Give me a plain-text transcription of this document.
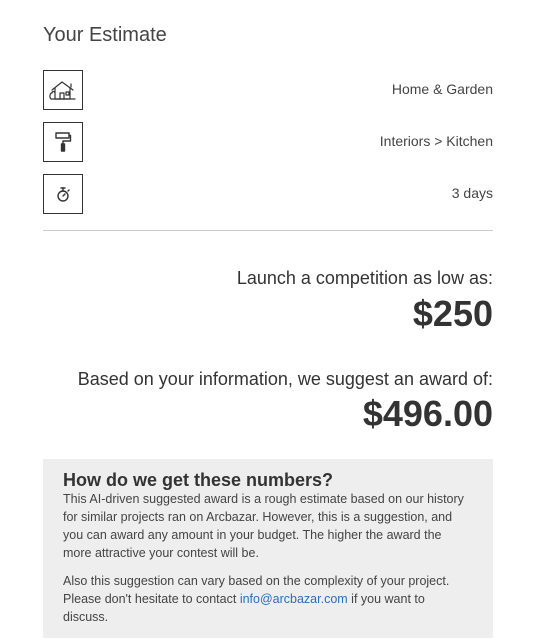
Your Estimate
Home & Garden
Interiors > Kitchen
3 days
Launch a competition as low as:
$250
Based on your information, we suggest an award of:
$496.00
How do we get these numbers?

This AI-driven suggested award is a rough estimate based on our history for similar projects ran on Arcbazar. However, this is a suggestion, and you can award any amount in your budget. The higher the award the more attractive your contest will be.

Also this suggestion can vary based on the complexity of your project. Please don't hesitate to contact info@arcbazar.com if you want to discuss.
